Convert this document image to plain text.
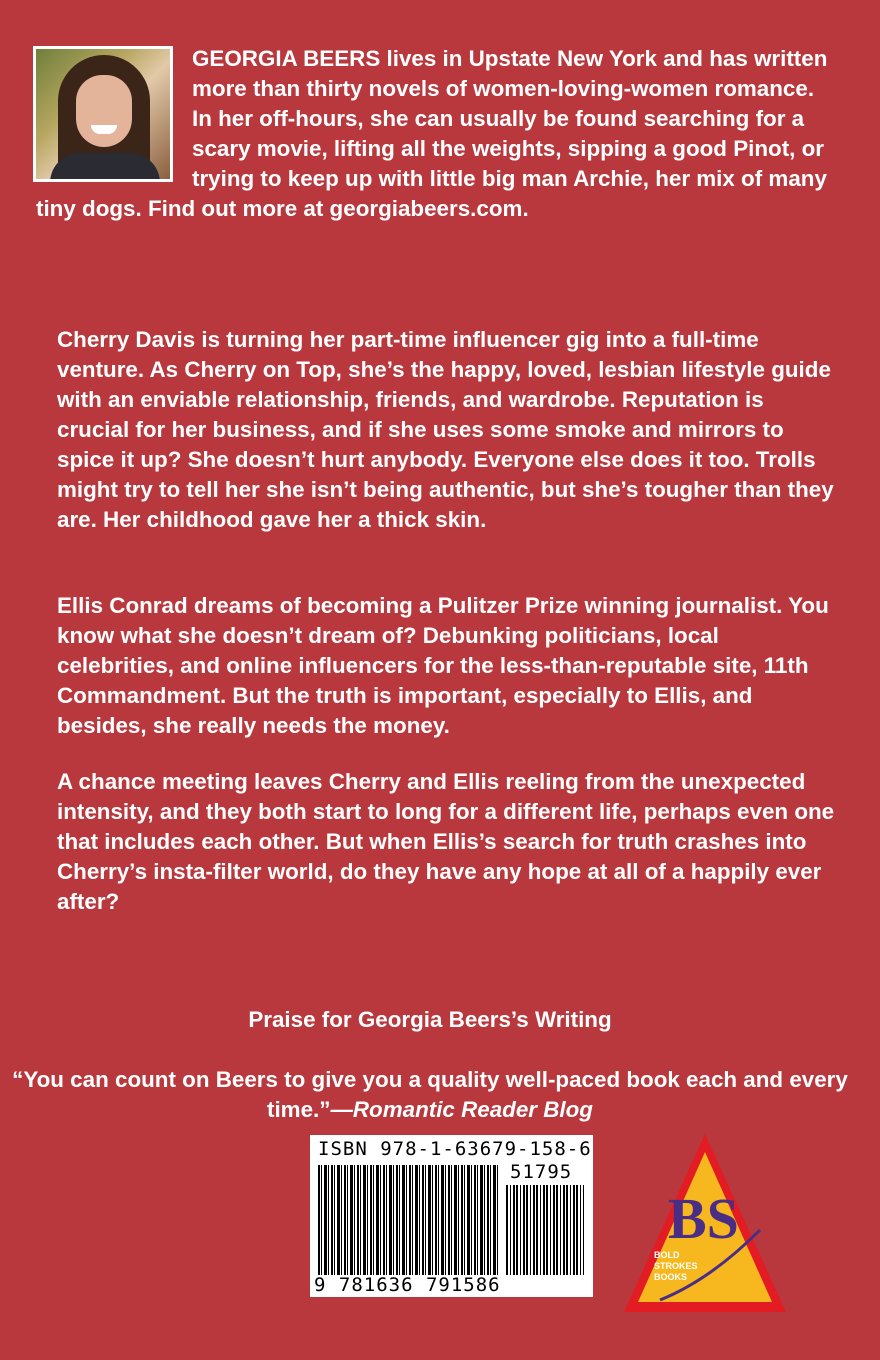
GEORGIA BEERS lives in Upstate New York and has written more than thirty novels of women-loving-women romance. In her off-hours, she can usually be found searching for a scary movie, lifting all the weights, sipping a good Pinot, or trying to keep up with little big man Archie, her mix of many tiny dogs. Find out more at georgiabeers.com.

Cherry Davis is turning her part-time influencer gig into a full-time venture. As Cherry on Top, she’s the happy, loved, lesbian lifestyle guide with an enviable relationship, friends, and wardrobe. Reputation is crucial for her business, and if she uses some smoke and mirrors to spice it up? She doesn’t hurt anybody. Everyone else does it too. Trolls might try to tell her she isn’t being authentic, but she’s tougher than they are. Her childhood gave her a thick skin.

Ellis Conrad dreams of becoming a Pulitzer Prize winning journalist. You know what she doesn’t dream of? Debunking politicians, local celebrities, and online influencers for the less-than-reputable site, 11th Commandment. But the truth is important, especially to Ellis, and besides, she really needs the money.

A chance meeting leaves Cherry and Ellis reeling from the unexpected intensity, and they both start to long for a different life, perhaps even one that includes each other. But when Ellis’s search for truth crashes into Cherry’s insta-filter world, do they have any hope at all of a happily ever after?

Praise for Georgia Beers’s Writing

“You can count on Beers to give you a quality well-paced book each and every time.”—Romantic Reader Blog

ISBN 978-1-63679-158-6
51795
9 781636 791586
BS
BOLD
STROKES
BOOKS
